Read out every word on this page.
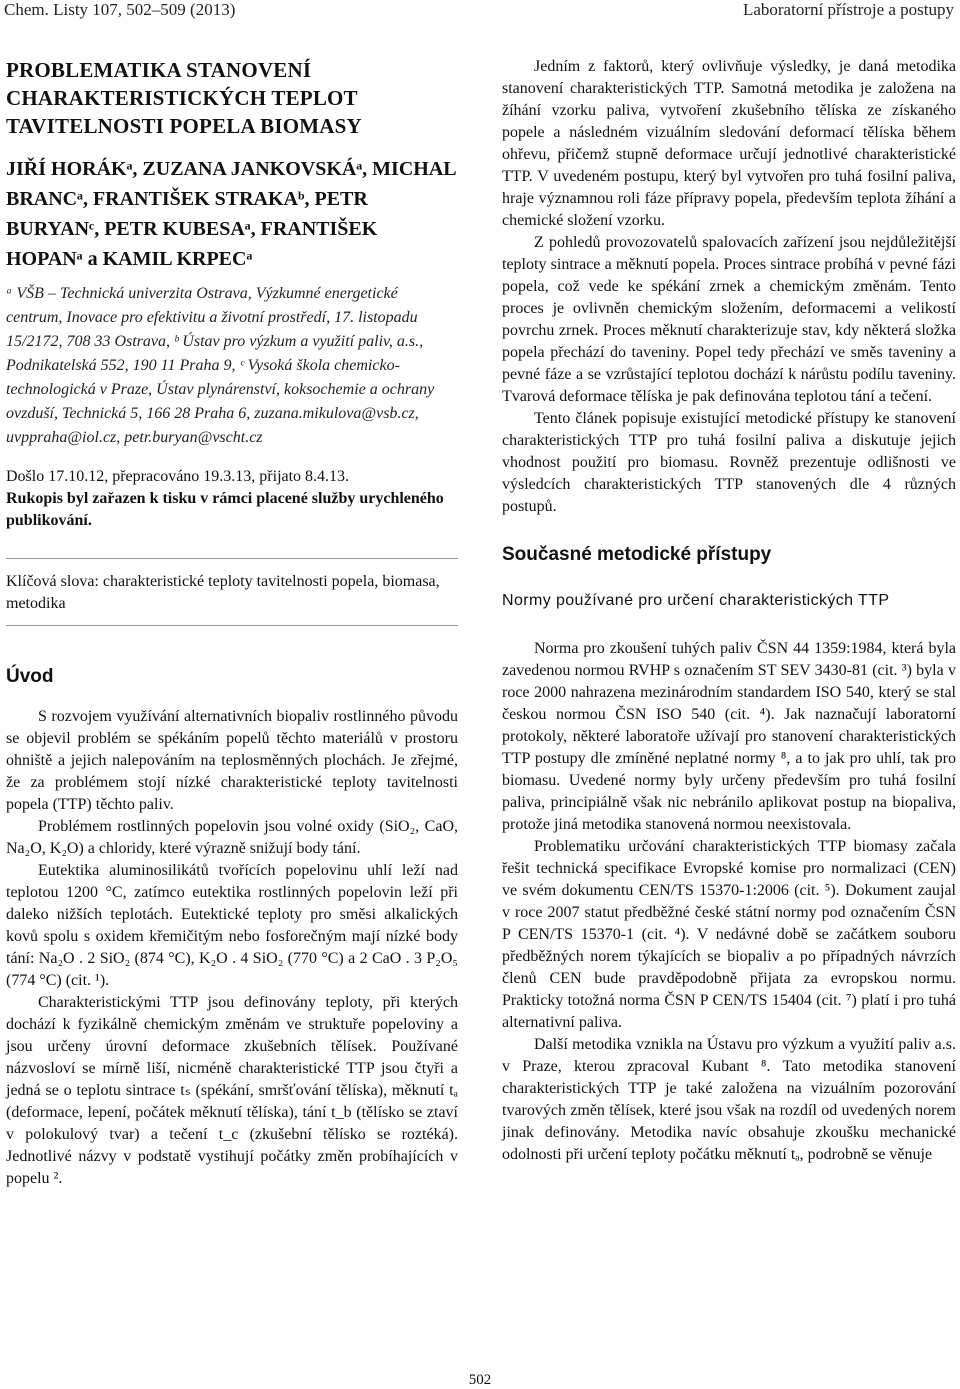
Chem. Listy 107, 502–509 (2013)	Laboratorní přístroje a postupy
PROBLEMATIKA STANOVENÍ CHARAKTERISTICKÝCH TEPLOT TAVITELNOSTI POPELA BIOMASY
JIŘÍ HORÁKᵃ, ZUZANA JANKOVSKÁᵃ, MICHAL BRANCᵃ, FRANTIŠEK STRAKAᵇ, PETR BURYANᶜ, PETR KUBESAᵃ, FRANTIŠEK HOPANᵃ a KAMIL KRPECᵃ
ᵃ VŠB – Technická univerzita Ostrava, Výzkumné energetické centrum, Inovace pro efektivitu a životní prostředí, 17. listopadu 15/2172, 708 33 Ostrava, ᵇ Ústav pro výzkum a využití paliv, a.s., Podnikatelská 552, 190 11 Praha 9, ᶜ Vysoká škola chemicko-technologická v Praze, Ústav plynárenství, koksochemie a ochrany ovzduší, Technická 5, 166 28 Praha 6, zuzana.mikulova@vsb.cz, uvppraha@iol.cz, petr.buryan@vscht.cz
Došlo 17.10.12, přepracováno 19.3.13, přijato 8.4.13.
Rukopis byl zařazen k tisku v rámci placené služby urychleného publikování.
Klíčová slova: charakteristické teploty tavitelnosti popela, biomasa, metodika
Úvod

S rozvojem využívání alternativních biopaliv rostlinného původu se objevil problém se spékáním popelů těchto materiálů v prostoru ohniště a jejich nalepováním na teplosměnných plochách. Je zřejmé, že za problémem stojí nízké charakteristické teploty tavitelnosti popela (TTP) těchto paliv.

Problémem rostlinných popelovin jsou volné oxidy (SiO₂, CaO, Na₂O, K₂O) a chloridy, které výrazně snižují body tání.

Eutektika aluminosilikátů tvořících popelovinu uhlí leží nad teplotou 1200 °C, zatímco eutektika rostlinných popelovin leží při daleko nižších teplotách. Eutektické teploty pro směsi alkalických kovů spolu s oxidem křemičitým nebo fosforečným mají nízké body tání: Na₂O . 2 SiO₂ (874 °C), K₂O . 4 SiO₂ (770 °C) a 2 CaO . 3 P₂O₅ (774 °C) (cit. ¹).

Charakteristickými TTP jsou definovány teploty, při kterých dochází k fyzikálně chemickým změnám ve struktuře popeloviny a jsou určeny úrovní deformace zkušebních tělísek. Používané názvosloví se mírně liší, nicméně charakteristické TTP jsou čtyři a jedná se o teplotu sintrace tₛ (spékání, smršťování tělíska), měknutí tₐ (deformace, lepení, počátek měknutí tělíska), tání t_b (tělísko se ztaví v polokulový tvar) a tečení t_c (zkušební tělísko se roztéká). Jednotlivé názvy v podstatě vystihují počátky změn probíhajících v popelu ².

Jedním z faktorů, který ovlivňuje výsledky, je daná metodika stanovení charakteristických TTP. Samotná metodika je založena na žíhání vzorku paliva, vytvoření zkušebního tělíska ze získaného popele a následném vizuálním sledování deformací tělíska během ohřevu, přičemž stupně deformace určují jednotlivé charakteristické TTP. V uvedeném postupu, který byl vytvořen pro tuhá fosilní paliva, hraje významnou roli fáze přípravy popela, především teplota žíhání a chemické složení vzorku.

Z pohledů provozovatelů spalovacích zařízení jsou nejdůležitější teploty sintrace a měknutí popela. Proces sintrace probíhá v pevné fázi popela, což vede ke spékání zrnek a chemickým změnám. Tento proces je ovlivněn chemickým složením, deformacemi a velikostí povrchu zrnek. Proces měknutí charakterizuje stav, kdy některá složka popela přechází do taveniny. Popel tedy přechází ve směs taveniny a pevné fáze a se vzrůstající teplotou dochází k nárůstu podílu taveniny. Tvarová deformace tělíska je pak definována teplotou tání a tečení.

Tento článek popisuje existující metodické přístupy ke stanovení charakteristických TTP pro tuhá fosilní paliva a diskutuje jejich vhodnost použití pro biomasu. Rovněž prezentuje odlišnosti ve výsledcích charakteristických TTP stanovených dle 4 různých postupů.

Současné metodické přístupy
Normy používané pro určení charakteristických TTP

Norma pro zkoušení tuhých paliv ČSN 44 1359:1984, která byla zavedenou normou RVHP s označením ST SEV 3430-81 (cit. ³) byla v roce 2000 nahrazena mezinárodním standardem ISO 540, který se stal českou normou ČSN ISO 540 (cit. ⁴). Jak naznačují laboratorní protokoly, některé laboratoře užívají pro stanovení charakteristických TTP postupy dle zmíněné neplatné normy ⁸, a to jak pro uhlí, tak pro biomasu. Uvedené normy byly určeny především pro tuhá fosilní paliva, principiálně však nic nebránilo aplikovat postup na biopaliva, protože jiná metodika stanovená normou neexistovala.

Problematiku určování charakteristických TTP biomasy začala řešit technická specifikace Evropské komise pro normalizaci (CEN) ve svém dokumentu CEN/TS 15370-1:2006 (cit. ⁵). Dokument zaujal v roce 2007 statut předběžné české státní normy pod označením ČSN P CEN/TS 15370-1 (cit. ⁴). V nedávné době se začátkem souboru předběžných norem týkajících se biopaliv a po případných návrzích členů CEN bude pravděpodobně přijata za evropskou normu. Prakticky totožná norma ČSN P CEN/TS 15404 (cit. ⁷) platí i pro tuhá alternativní paliva.

Další metodika vznikla na Ústavu pro výzkum a využití paliv a.s. v Praze, kterou zpracoval Kubant ⁸. Tato metodika stanovení charakteristických TTP je také založena na vizuálním pozorování tvarových změn tělísek, které jsou však na rozdíl od uvedených norem jinak definovány. Metodika navíc obsahuje zkoušku mechanické odolnosti při určení teploty počátku měknutí tₐ, podrobně se věnuje

502
